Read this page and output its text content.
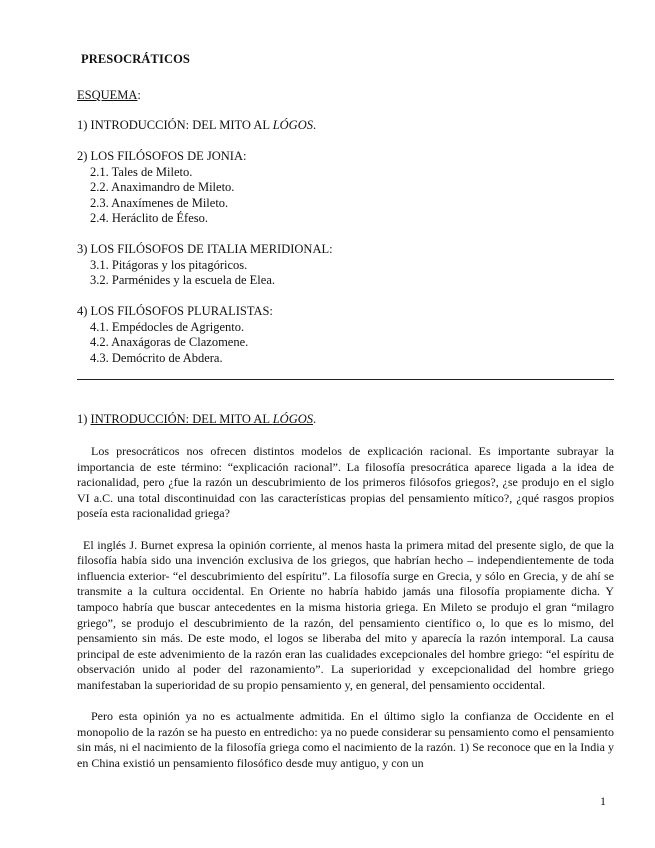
PRESOCRÁTICOS
ESQUEMA:

1) INTRODUCCIÓN: DEL MITO AL LÓGOS.

2) LOS FILÓSOFOS DE JONIA:

2.1. Tales de Mileto.

2.2. Anaximandro de Mileto.

2.3. Anaxímenes de Mileto.

2.4. Heráclito de Éfeso.

3) LOS FILÓSOFOS DE ITALIA MERIDIONAL:

3.1. Pitágoras y los pitagóricos.

3.2. Parménides y la escuela de Elea.

4) LOS FILÓSOFOS PLURALISTAS:

4.1. Empédocles de Agrigento.

4.2. Anaxágoras de Clazomene.

4.3. Demócrito de Abdera.

1) INTRODUCCIÓN: DEL MITO AL LÓGOS.

Los presocráticos nos ofrecen distintos modelos de explicación racional. Es importante subrayar la importancia de este término: “explicación racional”. La filosofía presocrática aparece ligada a la idea de racionalidad, pero ¿fue la razón un descubrimiento de los primeros filósofos griegos?, ¿se produjo en el siglo VI a.C. una total discontinuidad con las características propias del pensamiento mítico?, ¿qué rasgos propios poseía esta racionalidad griega?

El inglés J. Burnet expresa la opinión corriente, al menos hasta la primera mitad del presente siglo, de que la filosofía había sido una invención exclusiva de los griegos, que habrían hecho – independientemente de toda influencia exterior- “el descubrimiento del espíritu”. La filosofía surge en Grecia, y sólo en Grecia, y de ahí se transmite a la cultura occidental. En Oriente no habría habido jamás una filosofía propiamente dicha. Y tampoco habría que buscar antecedentes en la misma historia griega. En Mileto se produjo el gran “milagro griego”, se produjo el descubrimiento de la razón, del pensamiento científico o, lo que es lo mismo, del pensamiento sin más. De este modo, el logos se liberaba del mito y aparecía la razón intemporal. La causa principal de este advenimiento de la razón eran las cualidades excepcionales del hombre griego: “el espíritu de observación unido al poder del razonamiento”. La superioridad y excepcionalidad del hombre griego manifestaban la superioridad de su propio pensamiento y, en general, del pensamiento occidental.

Pero esta opinión ya no es actualmente admitida. En el último siglo la confianza de Occidente en el monopolio de la razón se ha puesto en entredicho: ya no puede considerar su pensamiento como el pensamiento sin más, ni el nacimiento de la filosofía griega como el nacimiento de la razón. 1) Se reconoce que en la India y en China existió un pensamiento filosófico desde muy antiguo, y con un

1
